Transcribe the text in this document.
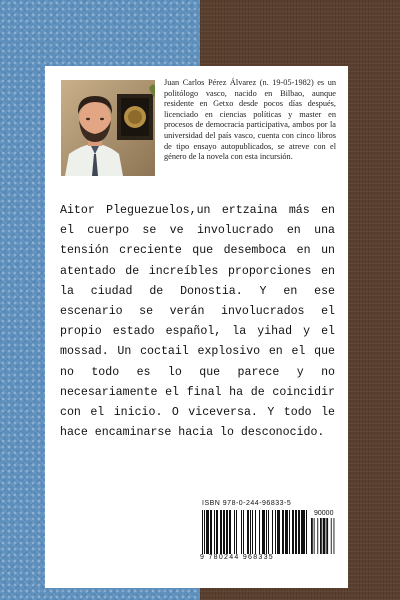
Juan Carlos Pérez Álvarez (n. 19-05-1982) es un politólogo vasco, nacido en Bilbao, aunque residente en Getxo desde pocos días después, licenciado en ciencias políticas y master en procesos de democracia participativa, ambos por la universidad del país vasco, cuenta con cinco libros de tipo ensayo autopublicados, se atreve con el género de la novela con esta incursión.
Aitor Pleguezuelos,un ertzaina más en el cuerpo se ve involucrado en una tensión creciente que desemboca en un atentado de increíbles proporciones en la ciudad de Donostia. Y en ese escenario se verán involucrados el propio estado español, la yihad y el mossad. Un coctail explosivo en el que no todo es lo que parece y no necesariamente el final ha de coincidir con el inicio. O viceversa. Y todo le hace encaminarse hacia lo desconocido.
ISBN 978-0-244-96833-5
90000
9 780244 968335
